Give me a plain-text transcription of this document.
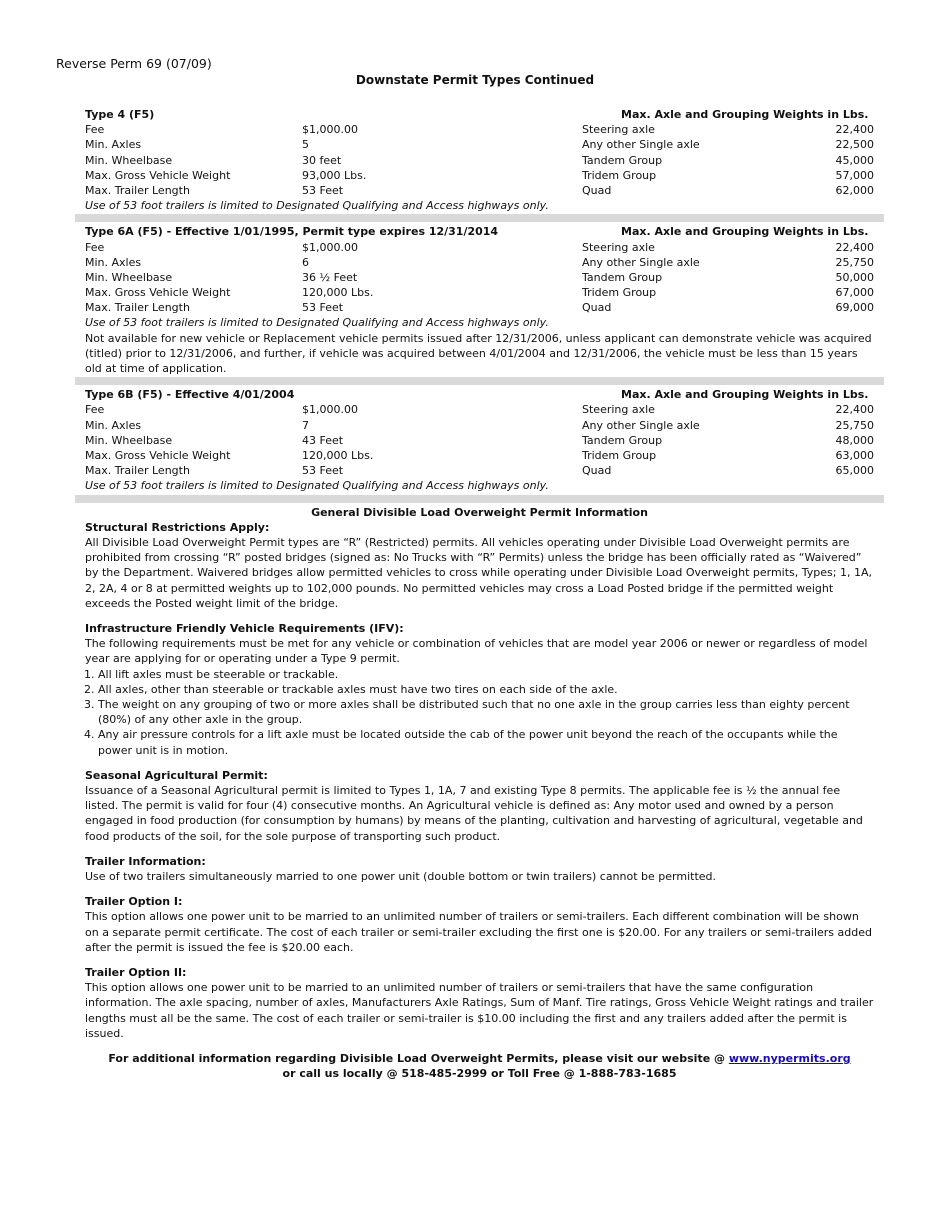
Reverse Perm 69 (07/09)
Downstate Permit Types Continued
Type 4 (F5)	Max. Axle and Grouping Weights in Lbs.
Fee	$1,000.00	Steering axle	22,400
Min. Axles	5	Any other Single axle	22,500
Min. Wheelbase	30 feet	Tandem Group	45,000
Max. Gross Vehicle Weight	93,000 Lbs.	Tridem Group	57,000
Max. Trailer Length	53 Feet	Quad	62,000
Use of 53 foot trailers is limited to Designated Qualifying and Access highways only.
Type 6A (F5) - Effective 1/01/1995, Permit type expires 12/31/2014	Max. Axle and Grouping Weights in Lbs.
Fee	$1,000.00	Steering axle	22,400
Min. Axles	6	Any other Single axle	25,750
Min. Wheelbase	36 ½ Feet	Tandem Group	50,000
Max. Gross Vehicle Weight	120,000 Lbs.	Tridem Group	67,000
Max. Trailer Length	53 Feet	Quad	69,000
Use of 53 foot trailers is limited to Designated Qualifying and Access highways only.

Not available for new vehicle or Replacement vehicle permits issued after 12/31/2006, unless applicant can demonstrate vehicle was acquired (titled) prior to 12/31/2006, and further, if vehicle was acquired between 4/01/2004 and 12/31/2006, the vehicle must be less than 15 years old at time of application.

Type 6B (F5) - Effective 4/01/2004	Max. Axle and Grouping Weights in Lbs.
Fee	$1,000.00	Steering axle	22,400
Min. Axles	7	Any other Single axle	25,750
Min. Wheelbase	43 Feet	Tandem Group	48,000
Max. Gross Vehicle Weight	120,000 Lbs.	Tridem Group	63,000
Max. Trailer Length	53 Feet	Quad	65,000
Use of 53 foot trailers is limited to Designated Qualifying and Access highways only.
General Divisible Load Overweight Permit Information
Structural Restrictions Apply:

All Divisible Load Overweight Permit types are “R” (Restricted) permits. All vehicles operating under Divisible Load Overweight permits are prohibited from crossing “R” posted bridges (signed as: No Trucks with “R” Permits) unless the bridge has been officially rated as “Waivered” by the Department. Waivered bridges allow permitted vehicles to cross while operating under Divisible Load Overweight permits, Types; 1, 1A, 2, 2A, 4 or 8 at permitted weights up to 102,000 pounds. No permitted vehicles may cross a Load Posted bridge if the permitted weight exceeds the Posted weight limit of the bridge.

Infrastructure Friendly Vehicle Requirements (IFV):

The following requirements must be met for any vehicle or combination of vehicles that are model year 2006 or newer or regardless of model year are applying for or operating under a Type 9 permit.

1. All lift axles must be steerable or trackable.
2. All axles, other than steerable or trackable axles must have two tires on each side of the axle.
3. The weight on any grouping of two or more axles shall be distributed such that no one axle in the group carries less than eighty percent (80%) of any other axle in the group.
4. Any air pressure controls for a lift axle must be located outside the cab of the power unit beyond the reach of the occupants while the power unit is in motion.
Seasonal Agricultural Permit:

Issuance of a Seasonal Agricultural permit is limited to Types 1, 1A, 7 and existing Type 8 permits. The applicable fee is ½ the annual fee listed. The permit is valid for four (4) consecutive months. An Agricultural vehicle is defined as: Any motor used and owned by a person engaged in food production (for consumption by humans) by means of the planting, cultivation and harvesting of agricultural, vegetable and food products of the soil, for the sole purpose of transporting such product.

Trailer Information:

Use of two trailers simultaneously married to one power unit (double bottom or twin trailers) cannot be permitted.

Trailer Option I:

This option allows one power unit to be married to an unlimited number of trailers or semi-trailers. Each different combination will be shown on a separate permit certificate. The cost of each trailer or semi-trailer excluding the first one is $20.00. For any trailers or semi-trailers added after the permit is issued the fee is $20.00 each.

Trailer Option II:

This option allows one power unit to be married to an unlimited number of trailers or semi-trailers that have the same configuration information. The axle spacing, number of axles, Manufacturers Axle Ratings, Sum of Manf. Tire ratings, Gross Vehicle Weight ratings and trailer lengths must all be the same. The cost of each trailer or semi-trailer is $10.00 including the first and any trailers added after the permit is issued.

For additional information regarding Divisible Load Overweight Permits, please visit our website @ www.nypermits.org
or call us locally @ 518-485-2999 or Toll Free @ 1-888-783-1685
